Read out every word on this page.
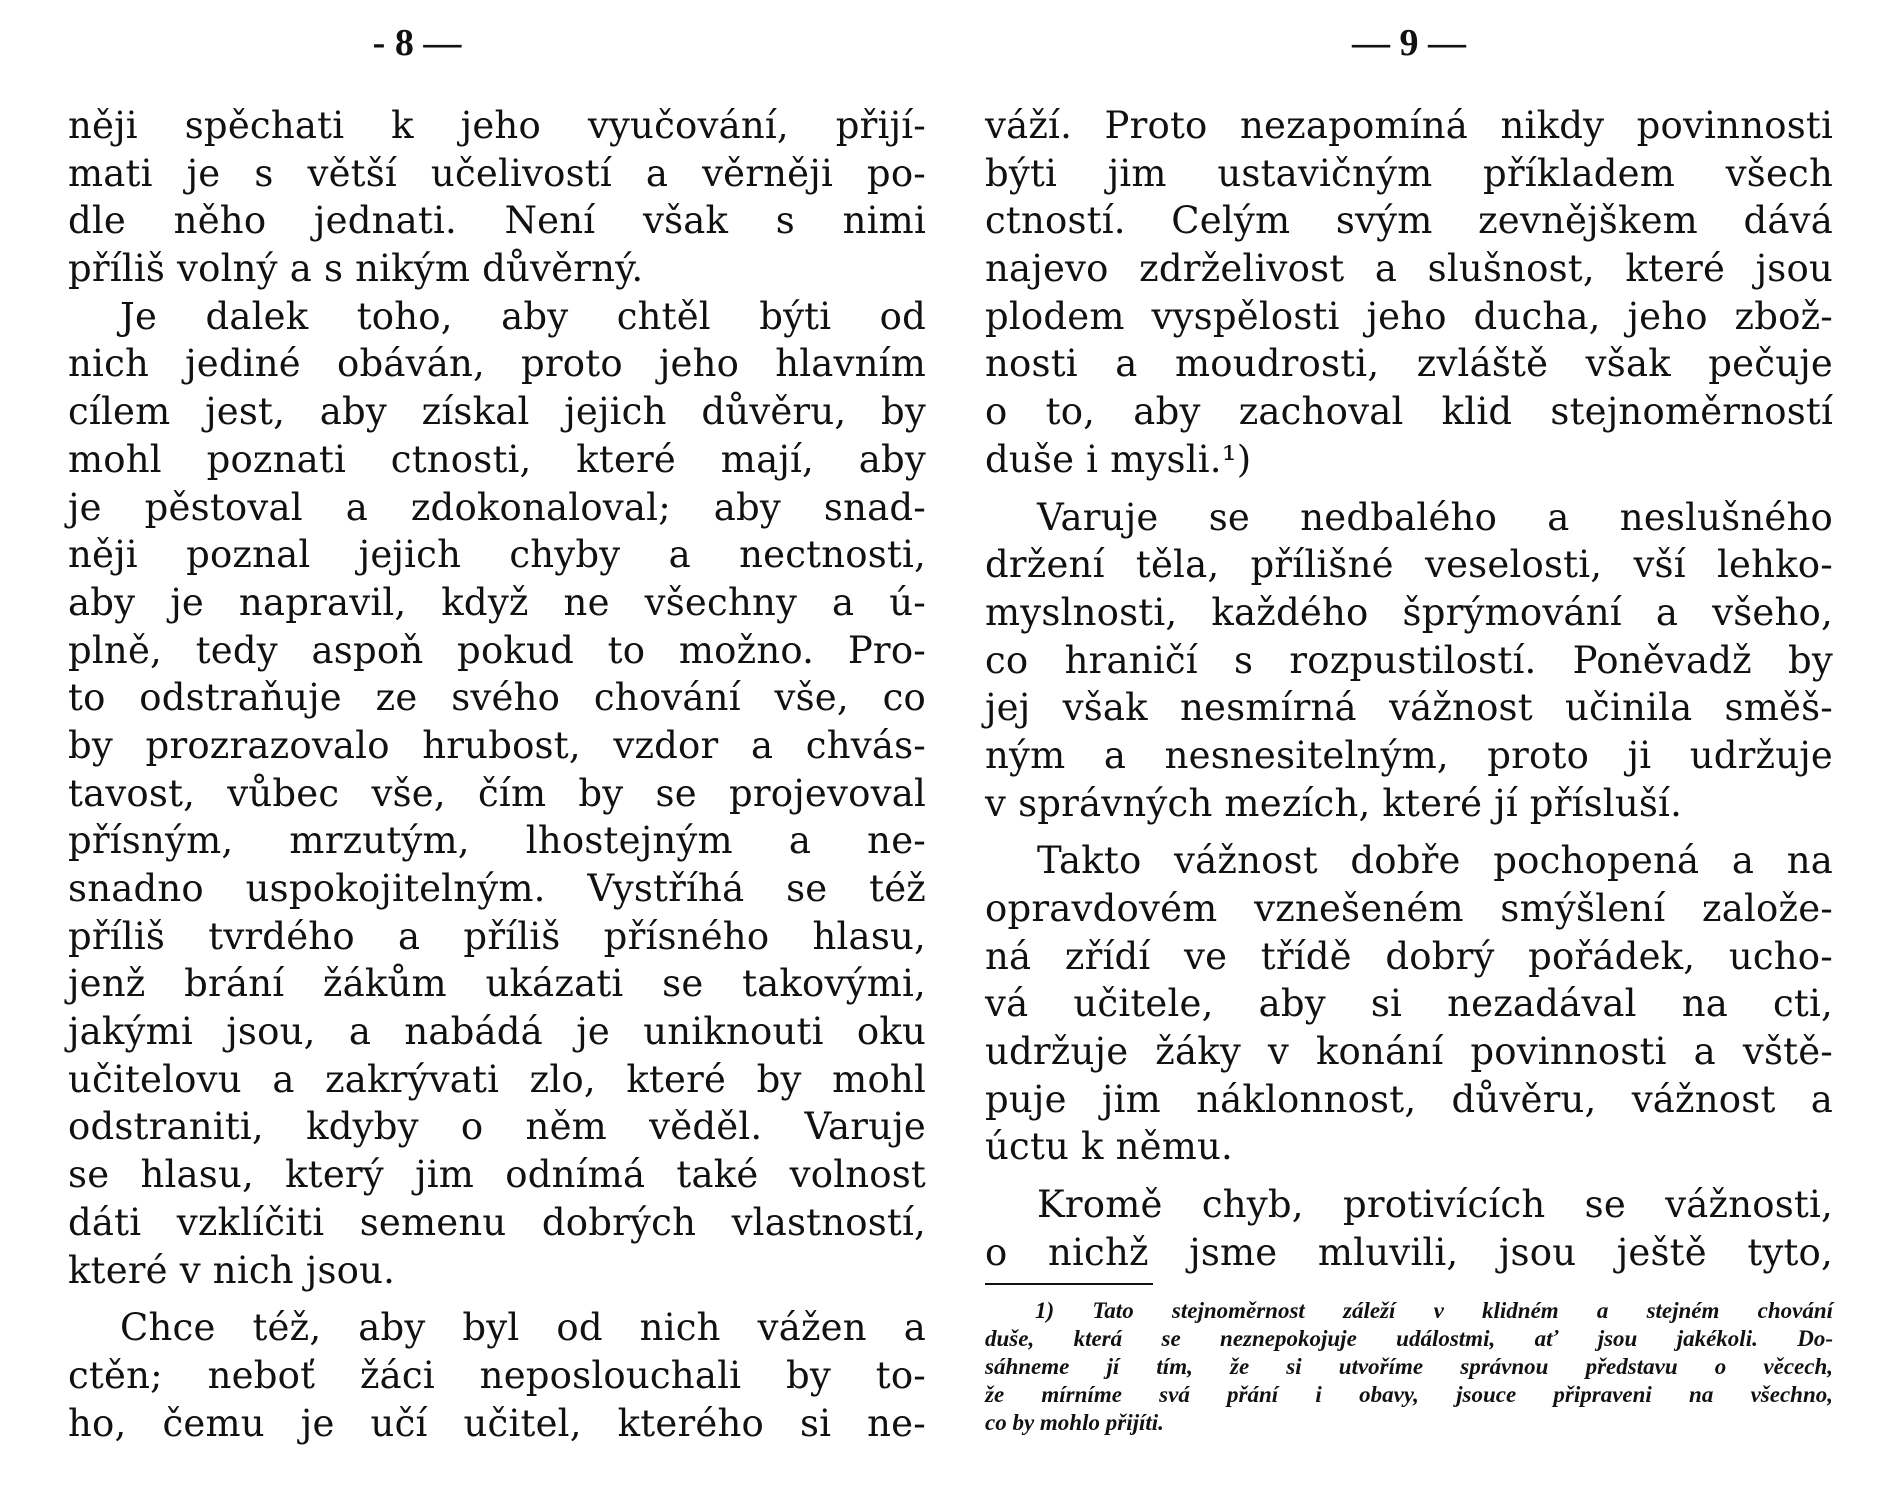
- 8 —
něji spěchati k jeho vyučování, přijí-
mati je s větší učelivostí a věrněji po-
dle něho jednati. Není však s nimi
příliš volný a s nikým důvěrný.
Je dalek toho, aby chtěl býti od
nich jediné obáván, proto jeho hlavním
cílem jest, aby získal jejich důvěru, by
mohl poznati ctnosti, které mají, aby
je pěstoval a zdokonaloval; aby snad-
něji poznal jejich chyby a nectnosti,
aby je napravil, když ne všechny a ú-
plně, tedy aspoň pokud to možno. Pro-
to odstraňuje ze svého chování vše, co
by prozrazovalo hrubost, vzdor a chvás-
tavost, vůbec vše, čím by se projevoval
přísným, mrzutým, lhostejným a ne-
snadno uspokojitelným. Vystříhá se též
příliš tvrdého a příliš přísného hlasu,
jenž brání žákům ukázati se takovými,
jakými jsou, a nabádá je uniknouti oku
učitelovu a zakrývati zlo, které by mohl
odstraniti, kdyby o něm věděl. Varuje
se hlasu, který jim odnímá také volnost
dáti vzklíčiti semenu dobrých vlastností,
které v nich jsou.
Chce též, aby byl od nich vážen a
ctěn; neboť žáci neposlouchali by to-
ho, čemu je učí učitel, kterého si ne-
— 9 —
váží. Proto nezapomíná nikdy povinnosti
býti jim ustavičným příkladem všech
ctností. Celým svým zevnějškem dává
najevo zdrželivost a slušnost, které jsou
plodem vyspělosti jeho ducha, jeho zbož-
nosti a moudrosti, zvláště však pečuje
o to, aby zachoval klid stejnoměrností
duše i mysli.¹)
Varuje se nedbalého a neslušného
držení těla, přílišné veselosti, vší lehko-
myslnosti, každého šprýmování a všeho,
co hraničí s rozpustilostí. Poněvadž by
jej však nesmírná vážnost učinila směš-
ným a nesnesitelným, proto ji udržuje
v správných mezích, které jí přísluší.
Takto vážnost dobře pochopená a na
opravdovém vznešeném smýšlení založe-
ná zřídí ve třídě dobrý pořádek, ucho-
vá učitele, aby si nezadával na cti,
udržuje žáky v konání povinnosti a vště-
puje jim náklonnost, důvěru, vážnost a
úctu k němu.
Kromě chyb, protivících se vážnosti,
o nichž jsme mluvili, jsou ještě tyto,
1) Tato stejnoměrnost záleží v klidném a stejném chování
duše, která se neznepokojuje událostmi, ať jsou jakékoli. Do-
sáhneme jí tím, že si utvoříme správnou představu o věcech,
že mírníme svá přání i obavy, jsouce připraveni na všechno,
co by mohlo přijíti.
